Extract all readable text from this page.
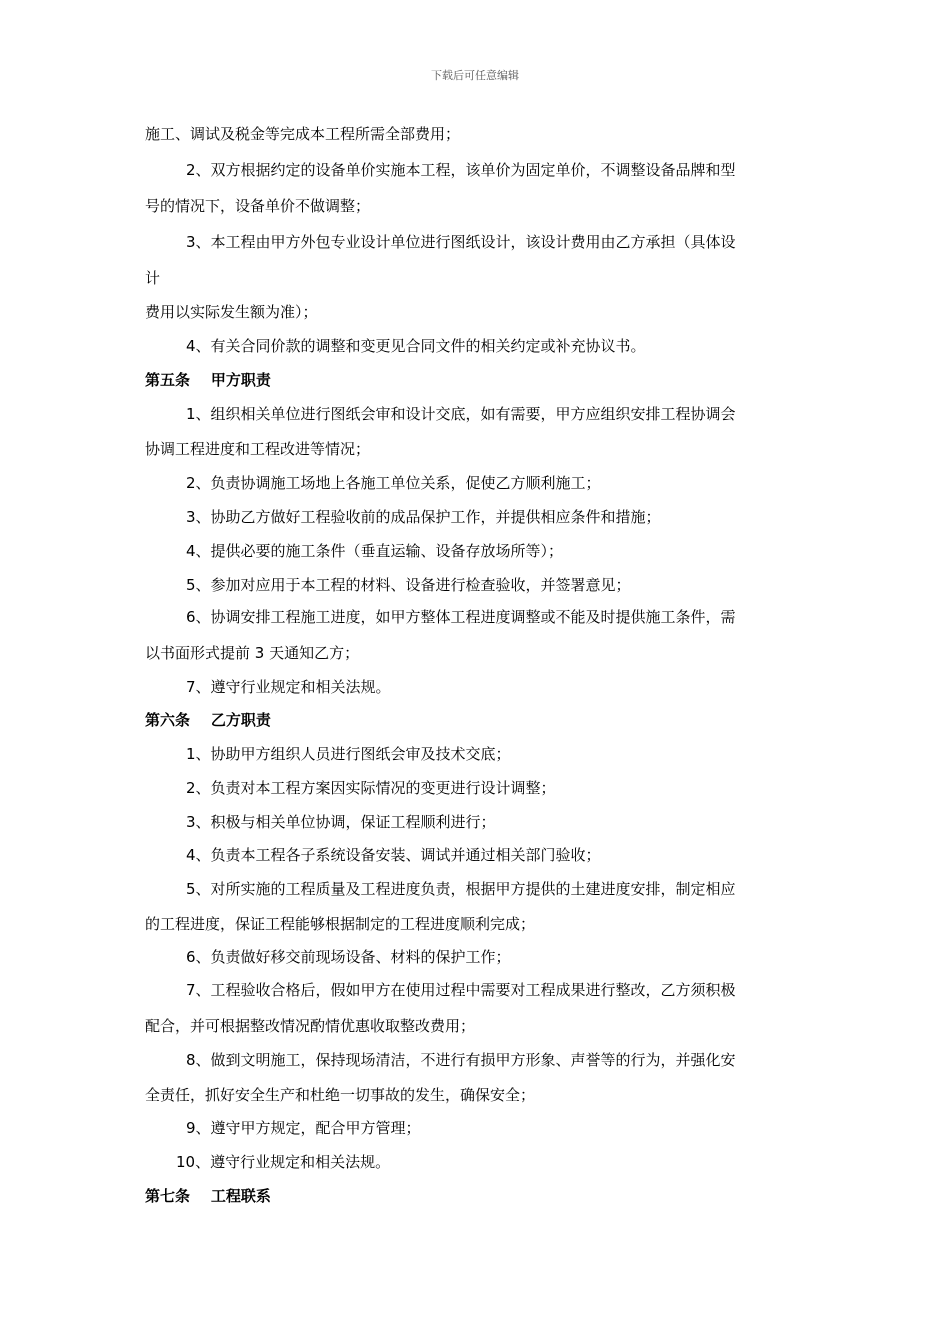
下载后可任意编辑

施工、调试及税金等完成本工程所需全部费用；

2、双方根据约定的设备单价实施本工程，该单价为固定单价，不调整设备品牌和型

号的情况下，设备单价不做调整；

3、本工程由甲方外包专业设计单位进行图纸设计，该设计费用由乙方承担（具体设

计

费用以实际发生额为准）；

4、有关合同价款的调整和变更见合同文件的相关约定或补充协议书。

第五条    甲方职责

1、组织相关单位进行图纸会审和设计交底，如有需要，甲方应组织安排工程协调会

协调工程进度和工程改进等情况；

2、负责协调施工场地上各施工单位关系，促使乙方顺利施工；

3、协助乙方做好工程验收前的成品保护工作，并提供相应条件和措施；

4、提供必要的施工条件（垂直运输、设备存放场所等）；

5、参加对应用于本工程的材料、设备进行检查验收，并签署意见；

6、协调安排工程施工进度，如甲方整体工程进度调整或不能及时提供施工条件，需

以书面形式提前 3 天通知乙方；

7、遵守行业规定和相关法规。

第六条    乙方职责

1、协助甲方组织人员进行图纸会审及技术交底；

2、负责对本工程方案因实际情况的变更进行设计调整；

3、积极与相关单位协调，保证工程顺利进行；

4、负责本工程各子系统设备安装、调试并通过相关部门验收；

5、对所实施的工程质量及工程进度负责，根据甲方提供的土建进度安排，制定相应

的工程进度，保证工程能够根据制定的工程进度顺利完成；

6、负责做好移交前现场设备、材料的保护工作；

7、工程验收合格后，假如甲方在使用过程中需要对工程成果进行整改，乙方须积极

配合，并可根据整改情况酌情优惠收取整改费用；

8、做到文明施工，保持现场清洁，不进行有损甲方形象、声誉等的行为，并强化安

全责任，抓好安全生产和杜绝一切事故的发生，确保安全；

9、遵守甲方规定，配合甲方管理；

10、遵守行业规定和相关法规。

第七条    工程联系
